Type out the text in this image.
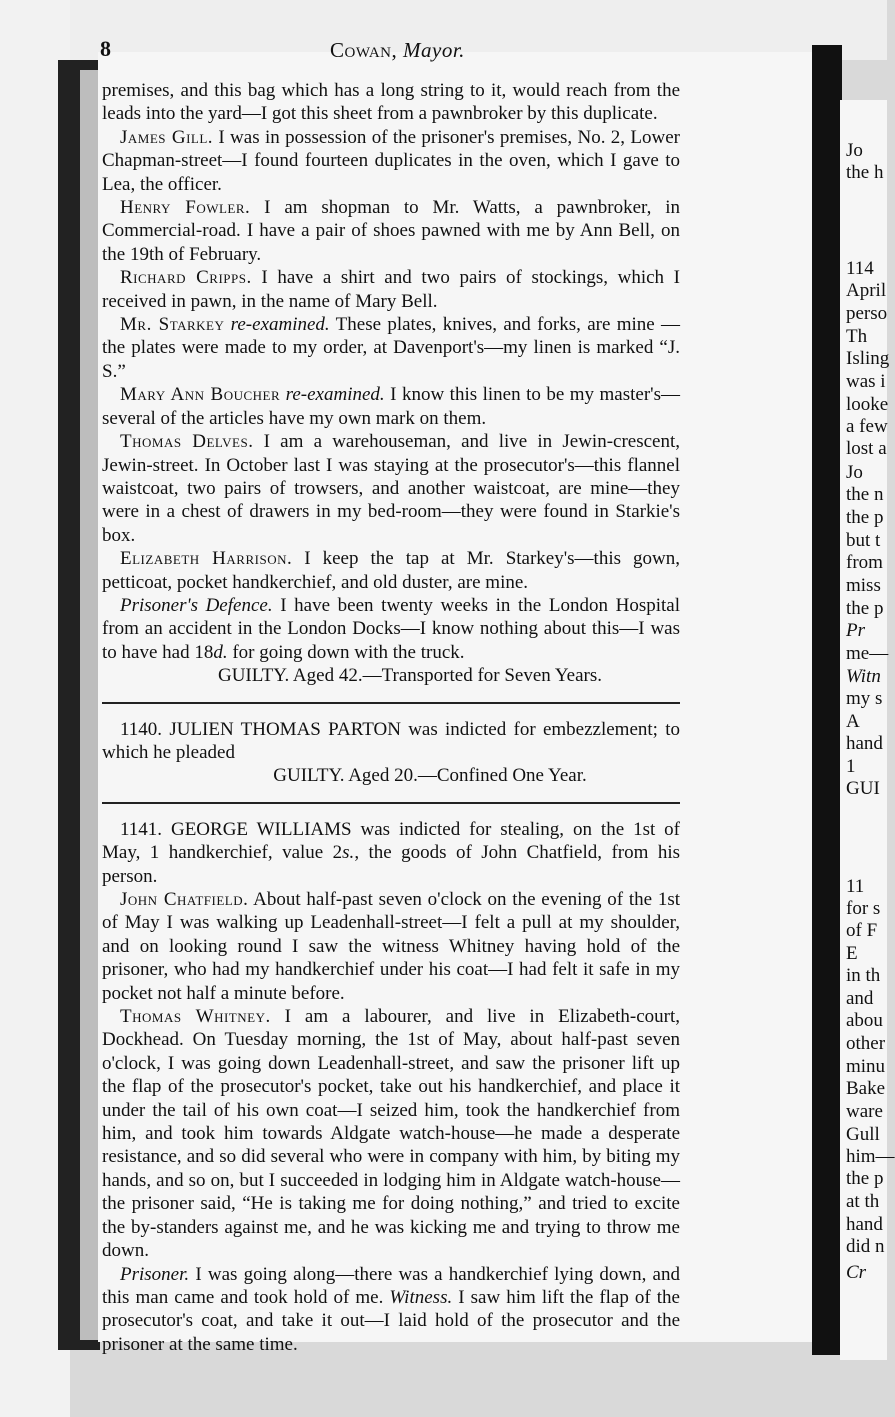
8	Cowan, Mayor.

premises, and this bag which has a long string to it, would reach from the leads into the yard—I got this sheet from a pawnbroker by this duplicate.

James Gill. I was in possession of the prisoner's premises, No. 2, Lower Chapman-street—I found fourteen duplicates in the oven, which I gave to Lea, the officer.

Henry Fowler. I am shopman to Mr. Watts, a pawnbroker, in Commercial-road. I have a pair of shoes pawned with me by Ann Bell, on the 19th of February.

Richard Cripps. I have a shirt and two pairs of stockings, which I received in pawn, in the name of Mary Bell.

Mr. Starkey re-examined. These plates, knives, and forks, are mine —the plates were made to my order, at Davenport's—my linen is marked “J. S.”

Mary Ann Boucher re-examined. I know this linen to be my master's—several of the articles have my own mark on them.

Thomas Delves. I am a warehouseman, and live in Jewin-crescent, Jewin-street. In October last I was staying at the prosecutor's—this flannel waistcoat, two pairs of trowsers, and another waistcoat, are mine—they were in a chest of drawers in my bed-room—they were found in Starkie's box.

Elizabeth Harrison. I keep the tap at Mr. Starkey's—this gown, petticoat, pocket handkerchief, and old duster, are mine.

Prisoner's Defence. I have been twenty weeks in the London Hospital from an accident in the London Docks—I know nothing about this—I was to have had 18d. for going down with the truck.

GUILTY. Aged 42.—Transported for Seven Years.

1140. JULIEN THOMAS PARTON was indicted for embezzlement; to which he pleaded

GUILTY. Aged 20.—Confined One Year.

1141. GEORGE WILLIAMS was indicted for stealing, on the 1st of May, 1 handkerchief, value 2s., the goods of John Chatfield, from his person.

John Chatfield. About half-past seven o'clock on the evening of the 1st of May I was walking up Leadenhall-street—I felt a pull at my shoulder, and on looking round I saw the witness Whitney having hold of the prisoner, who had my handkerchief under his coat—I had felt it safe in my pocket not half a minute before.

Thomas Whitney. I am a labourer, and live in Elizabeth-court, Dockhead. On Tuesday morning, the 1st of May, about half-past seven o'clock, I was going down Leadenhall-street, and saw the prisoner lift up the flap of the prosecutor's pocket, take out his handkerchief, and place it under the tail of his own coat—I seized him, took the handkerchief from him, and took him towards Aldgate watch-house—he made a desperate resistance, and so did several who were in company with him, by biting my hands, and so on, but I succeeded in lodging him in Aldgate watch-house—the prisoner said, “He is taking me for doing nothing,” and tried to excite the by-standers against me, and he was kicking me and trying to throw me down.

Prisoner. I was going along—there was a handkerchief lying down, and this man came and took hold of me. Witness. I saw him lift the flap of the prosecutor's coat, and take it out—I laid hold of the prosecutor and the prisoner at the same time.

Jo
the h
114
April
perso
Th
Isling
was i
looke
a few
lost a
Jo
the n
the p
but t
from
miss
the p
Pr
me—
Witn
my s
A
hand
1
GUI
11
for s
of F
E
in th
and
abou
other
minu
Bake
ware
Gull
him—
the p
at th
hand
did n
Cr
